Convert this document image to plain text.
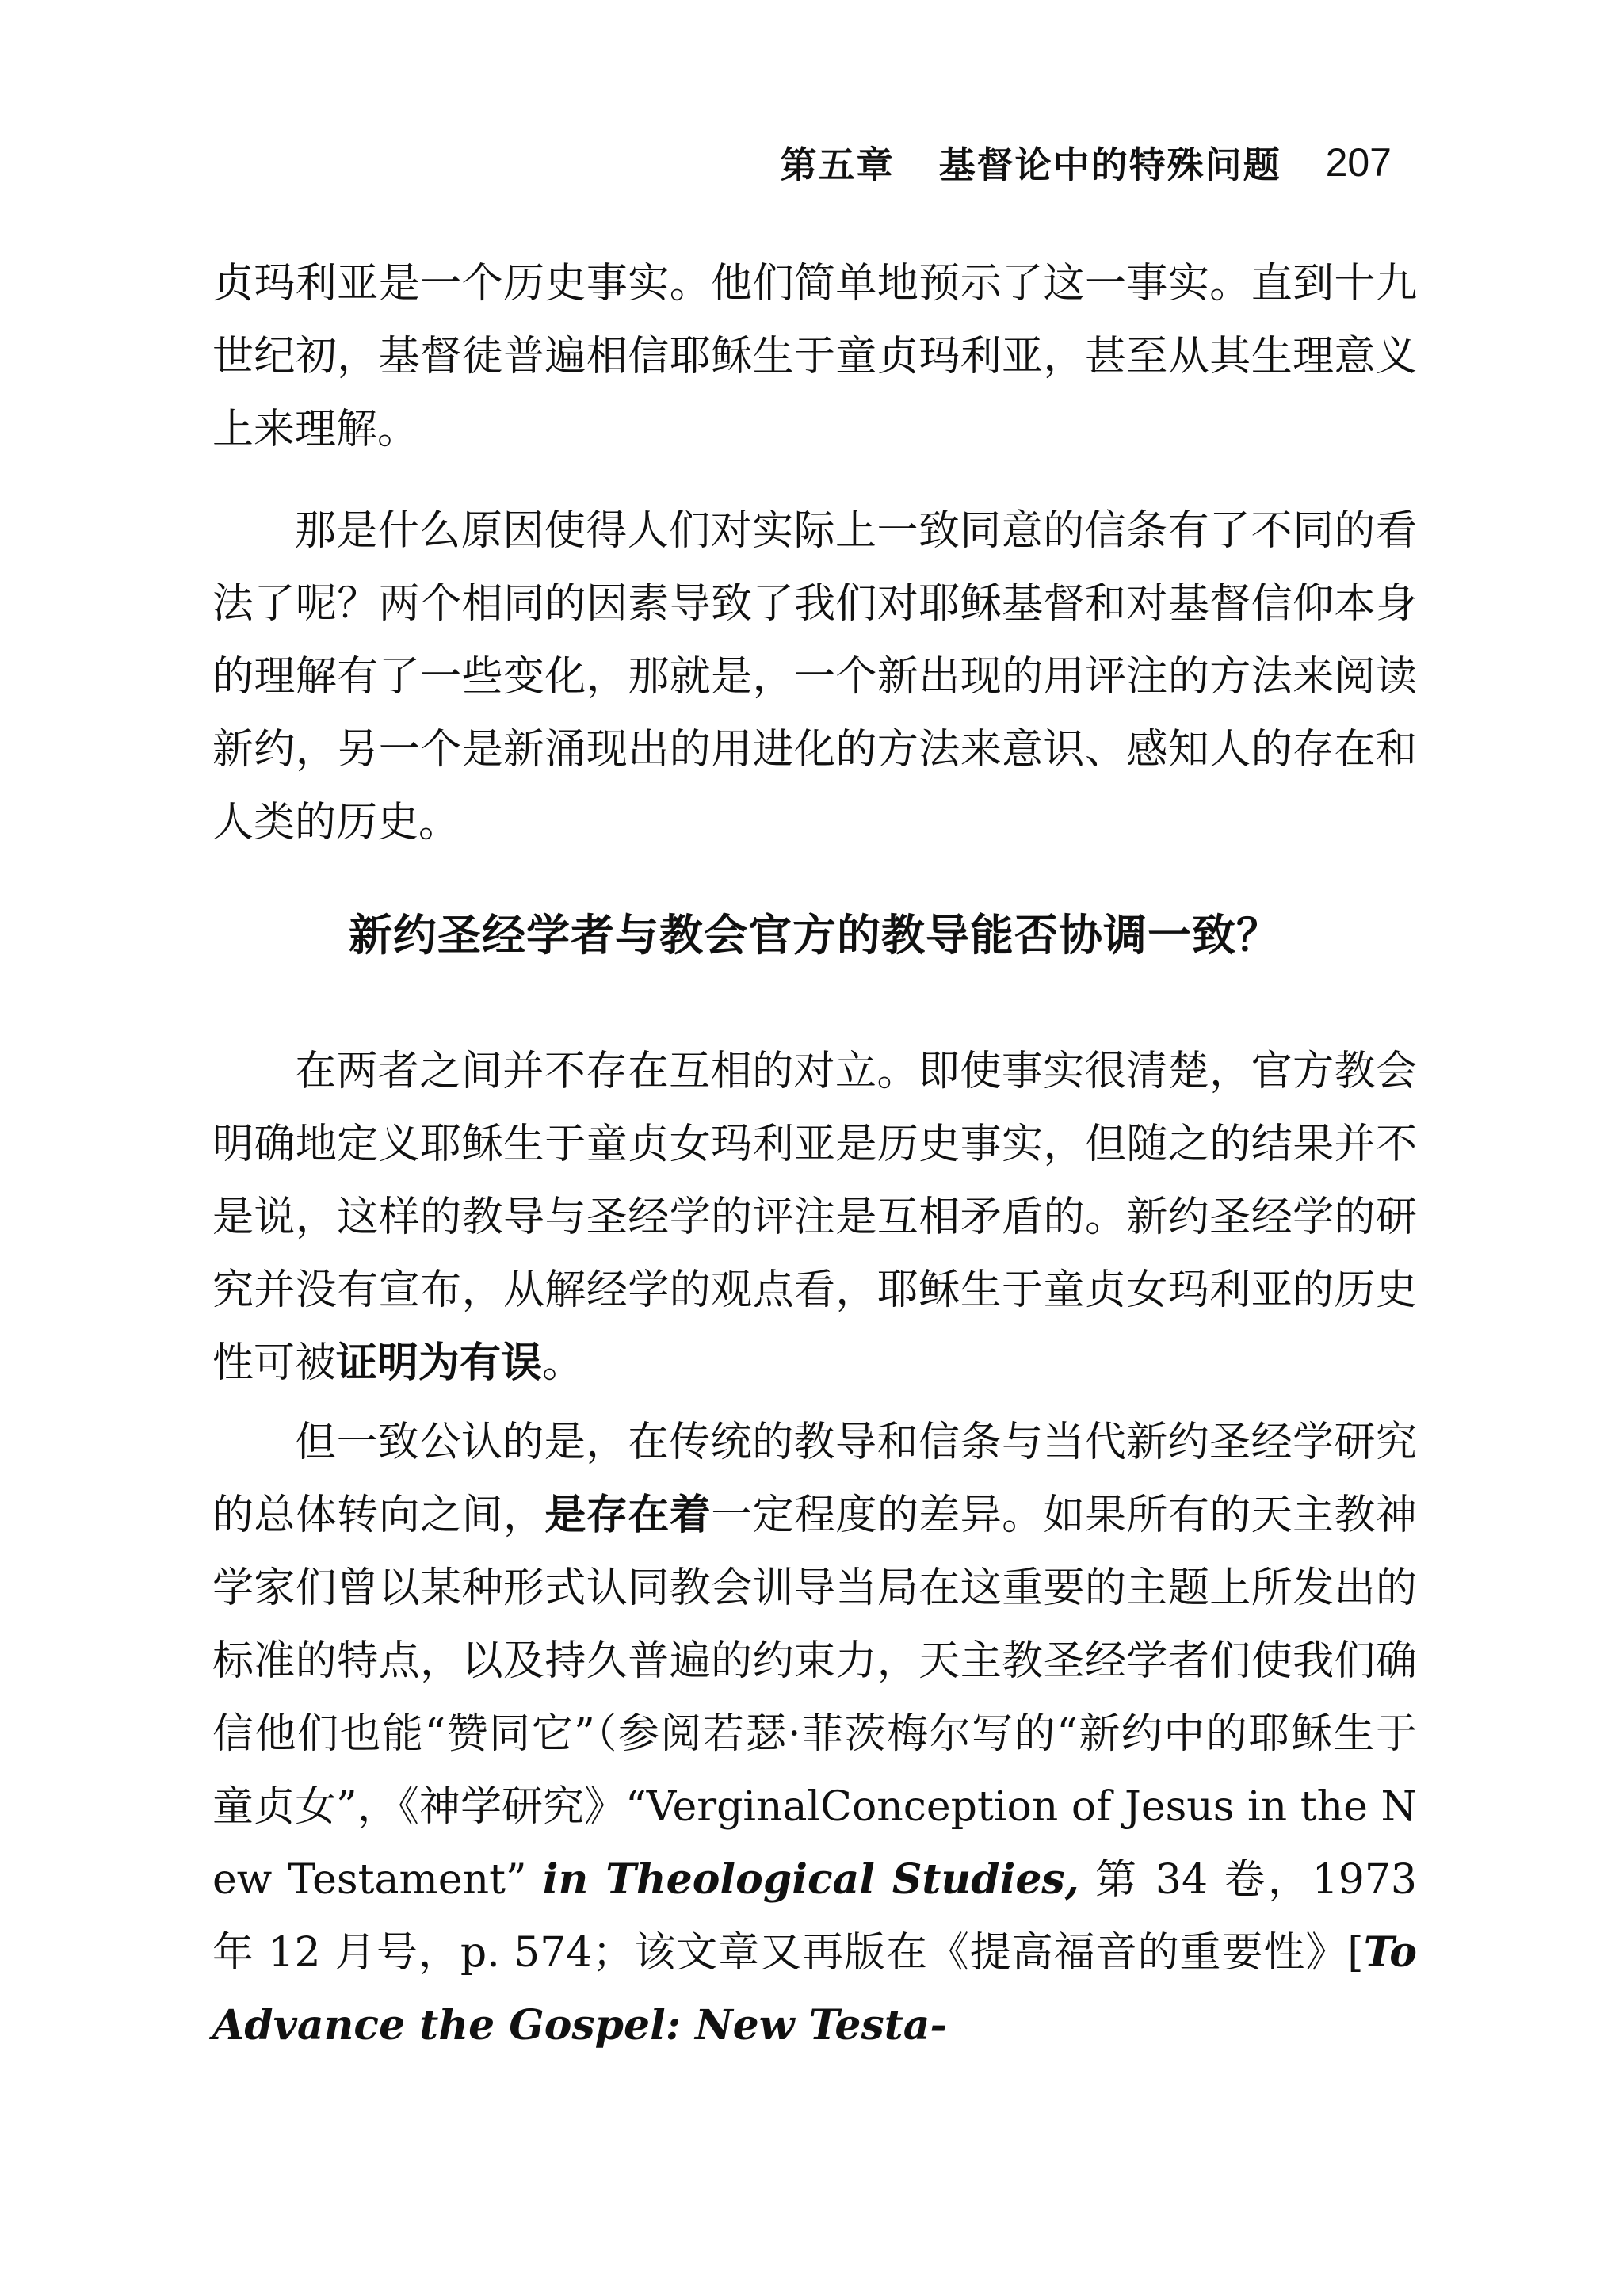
第五章 基督论中的特殊问题 207

贞玛利亚是一个历史事实。他们简单地预示了这一事实。直到十九世纪初，基督徒普遍相信耶稣生于童贞玛利亚，甚至从其生理意义上来理解。

那是什么原因使得人们对实际上一致同意的信条有了不同的看法了呢？两个相同的因素导致了我们对耶稣基督和对基督信仰本身的理解有了一些变化，那就是，一个新出现的用评注的方法来阅读新约，另一个是新涌现出的用进化的方法来意识、感知人的存在和人类的历史。

新约圣经学者与教会官方的教导能否协调一致？

在两者之间并不存在互相的对立。即使事实很清楚，官方教会明确地定义耶稣生于童贞女玛利亚是历史事实，但随之的结果并不是说，这样的教导与圣经学的评注是互相矛盾的。新约圣经学的研究并没有宣布，从解经学的观点看，耶稣生于童贞女玛利亚的历史性可被证明为有误。

但一致公认的是，在传统的教导和信条与当代新约圣经学研究的总体转向之间，是存在着一定程度的差异。如果所有的天主教神学家们曾以某种形式认同教会训导当局在这重要的主题上所发出的标准的特点，以及持久普遍的约束力，天主教圣经学者们使我们确信他们也能“赞同它”（参阅若瑟·菲茨梅尔写的“新约中的耶稣生于童贞女”，《神学研究》“VerginalConception of Jesus in the New Testament” in Theological Studies, 第 34 卷，1973 年 12 月号，p. 574；该文章又再版在《提高福音的重要性》[To Advance the Gospel: New Testa-
